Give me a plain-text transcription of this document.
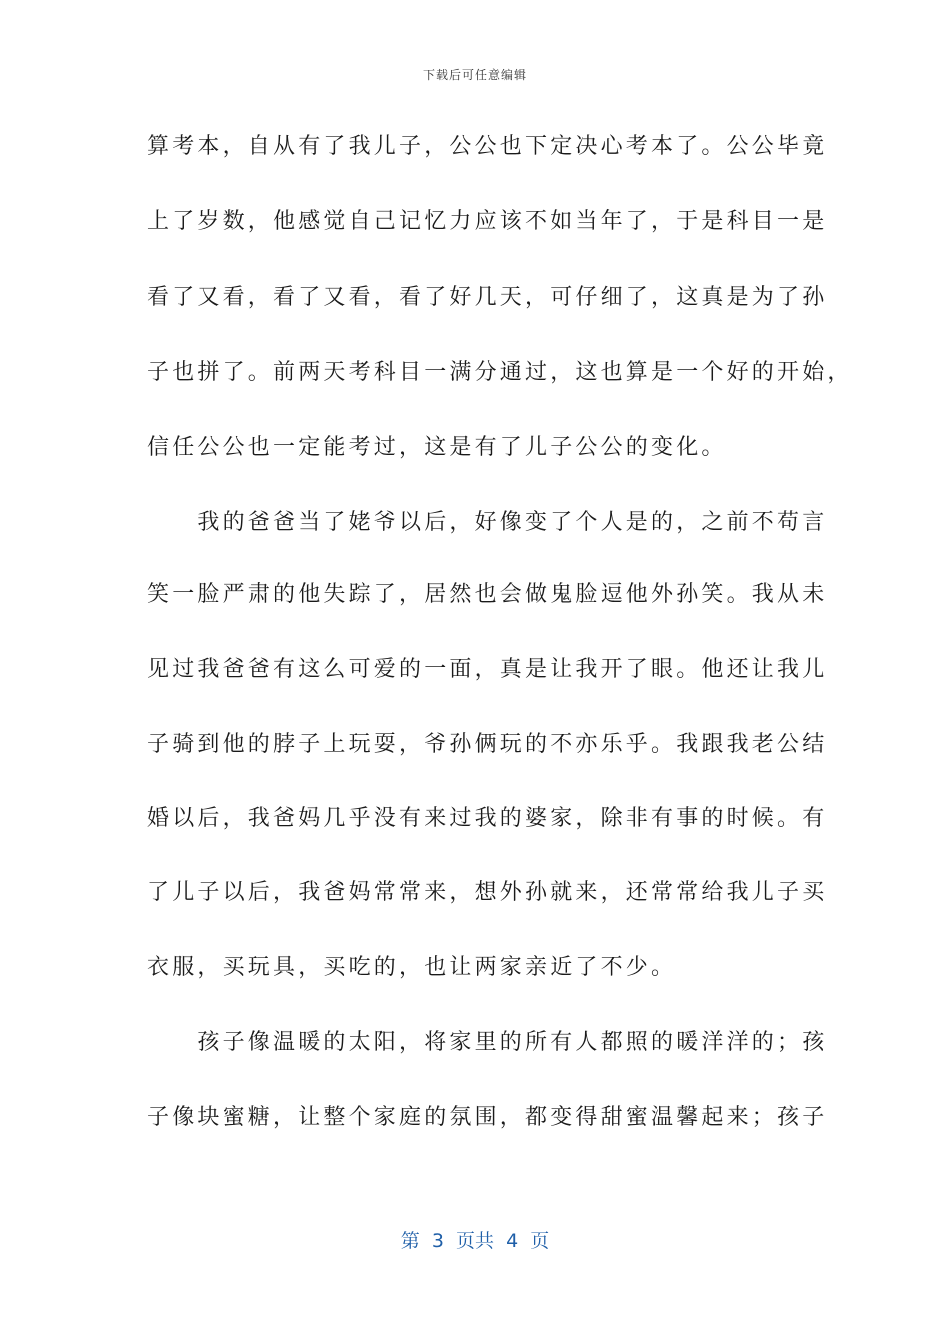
下载后可任意编辑
算考本，自从有了我儿子，公公也下定决心考本了。公公毕竟
上了岁数，他感觉自己记忆力应该不如当年了，于是科目一是
看了又看，看了又看，看了好几天，可仔细了，这真是为了孙
子也拼了。前两天考科目一满分通过，这也算是一个好的开始，
信任公公也一定能考过，这是有了儿子公公的变化。
　　我的爸爸当了姥爷以后，好像变了个人是的，之前不苟言
笑一脸严肃的他失踪了，居然也会做鬼脸逗他外孙笑。我从未
见过我爸爸有这么可爱的一面，真是让我开了眼。他还让我儿
子骑到他的脖子上玩耍，爷孙俩玩的不亦乐乎。我跟我老公结
婚以后，我爸妈几乎没有来过我的婆家，除非有事的时候。有
了儿子以后，我爸妈常常来，想外孙就来，还常常给我儿子买
衣服，买玩具，买吃的，也让两家亲近了不少。
　　孩子像温暖的太阳，将家里的所有人都照的暖洋洋的；孩
子像块蜜糖，让整个家庭的氛围，都变得甜蜜温馨起来；孩子
第  3  页共  4  页
